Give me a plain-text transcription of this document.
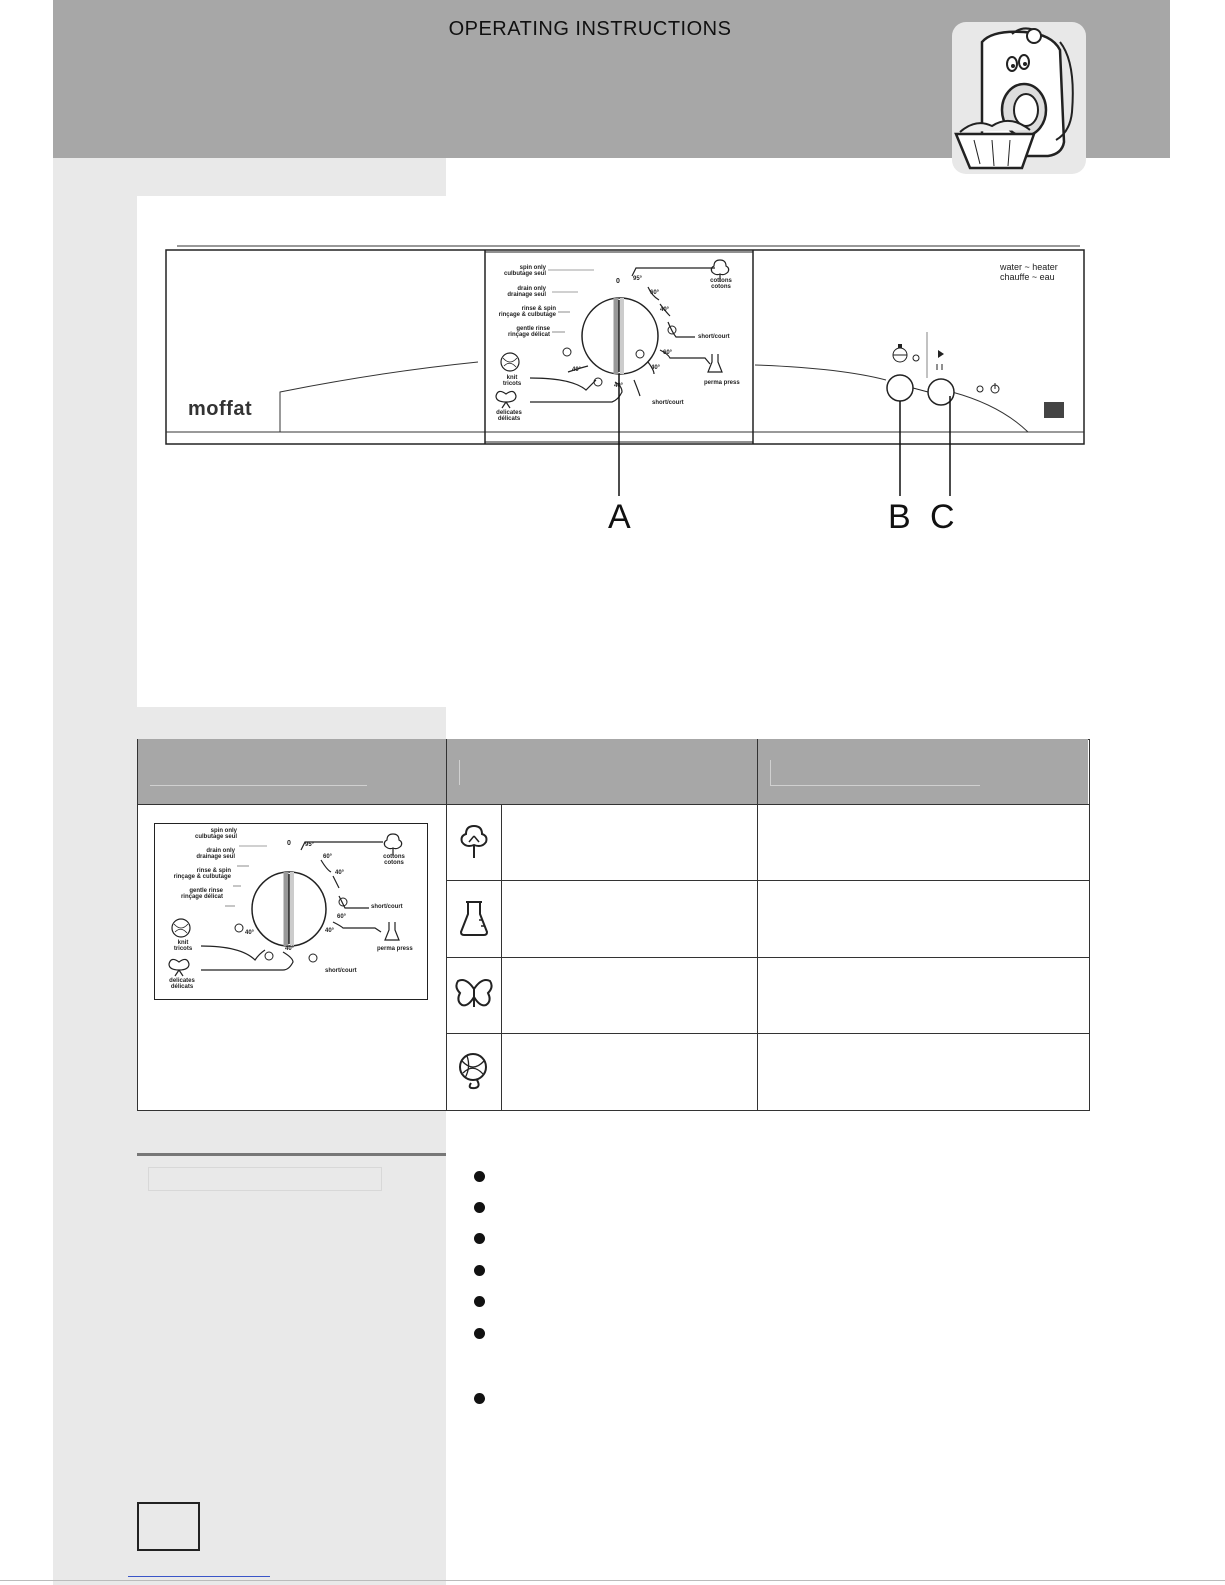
OPERATING INSTRUCTIONS
moffat
water ~ heater
chauffe ~ eau
0
spin only
culbutage seul
drain only
drainage seul
rinse & spin
rinçage & culbutage
gentle rinse
rinçage délicat
knit
tricots
delicates
délicats
cottons
cotons
perma press
short/court
short/court
95°
60°
40°
60°
40°
40°
40°
A	B C
0
spin only
culbutage seul
drain only
drainage seul
rinse & spin
rinçage & culbutage
gentle rinse
rinçage délicat
knit
tricots
delicates
délicats
cottons
cotons
perma press
short/court
short/court
95°
60°
40°
60°
40°
40°
40°
